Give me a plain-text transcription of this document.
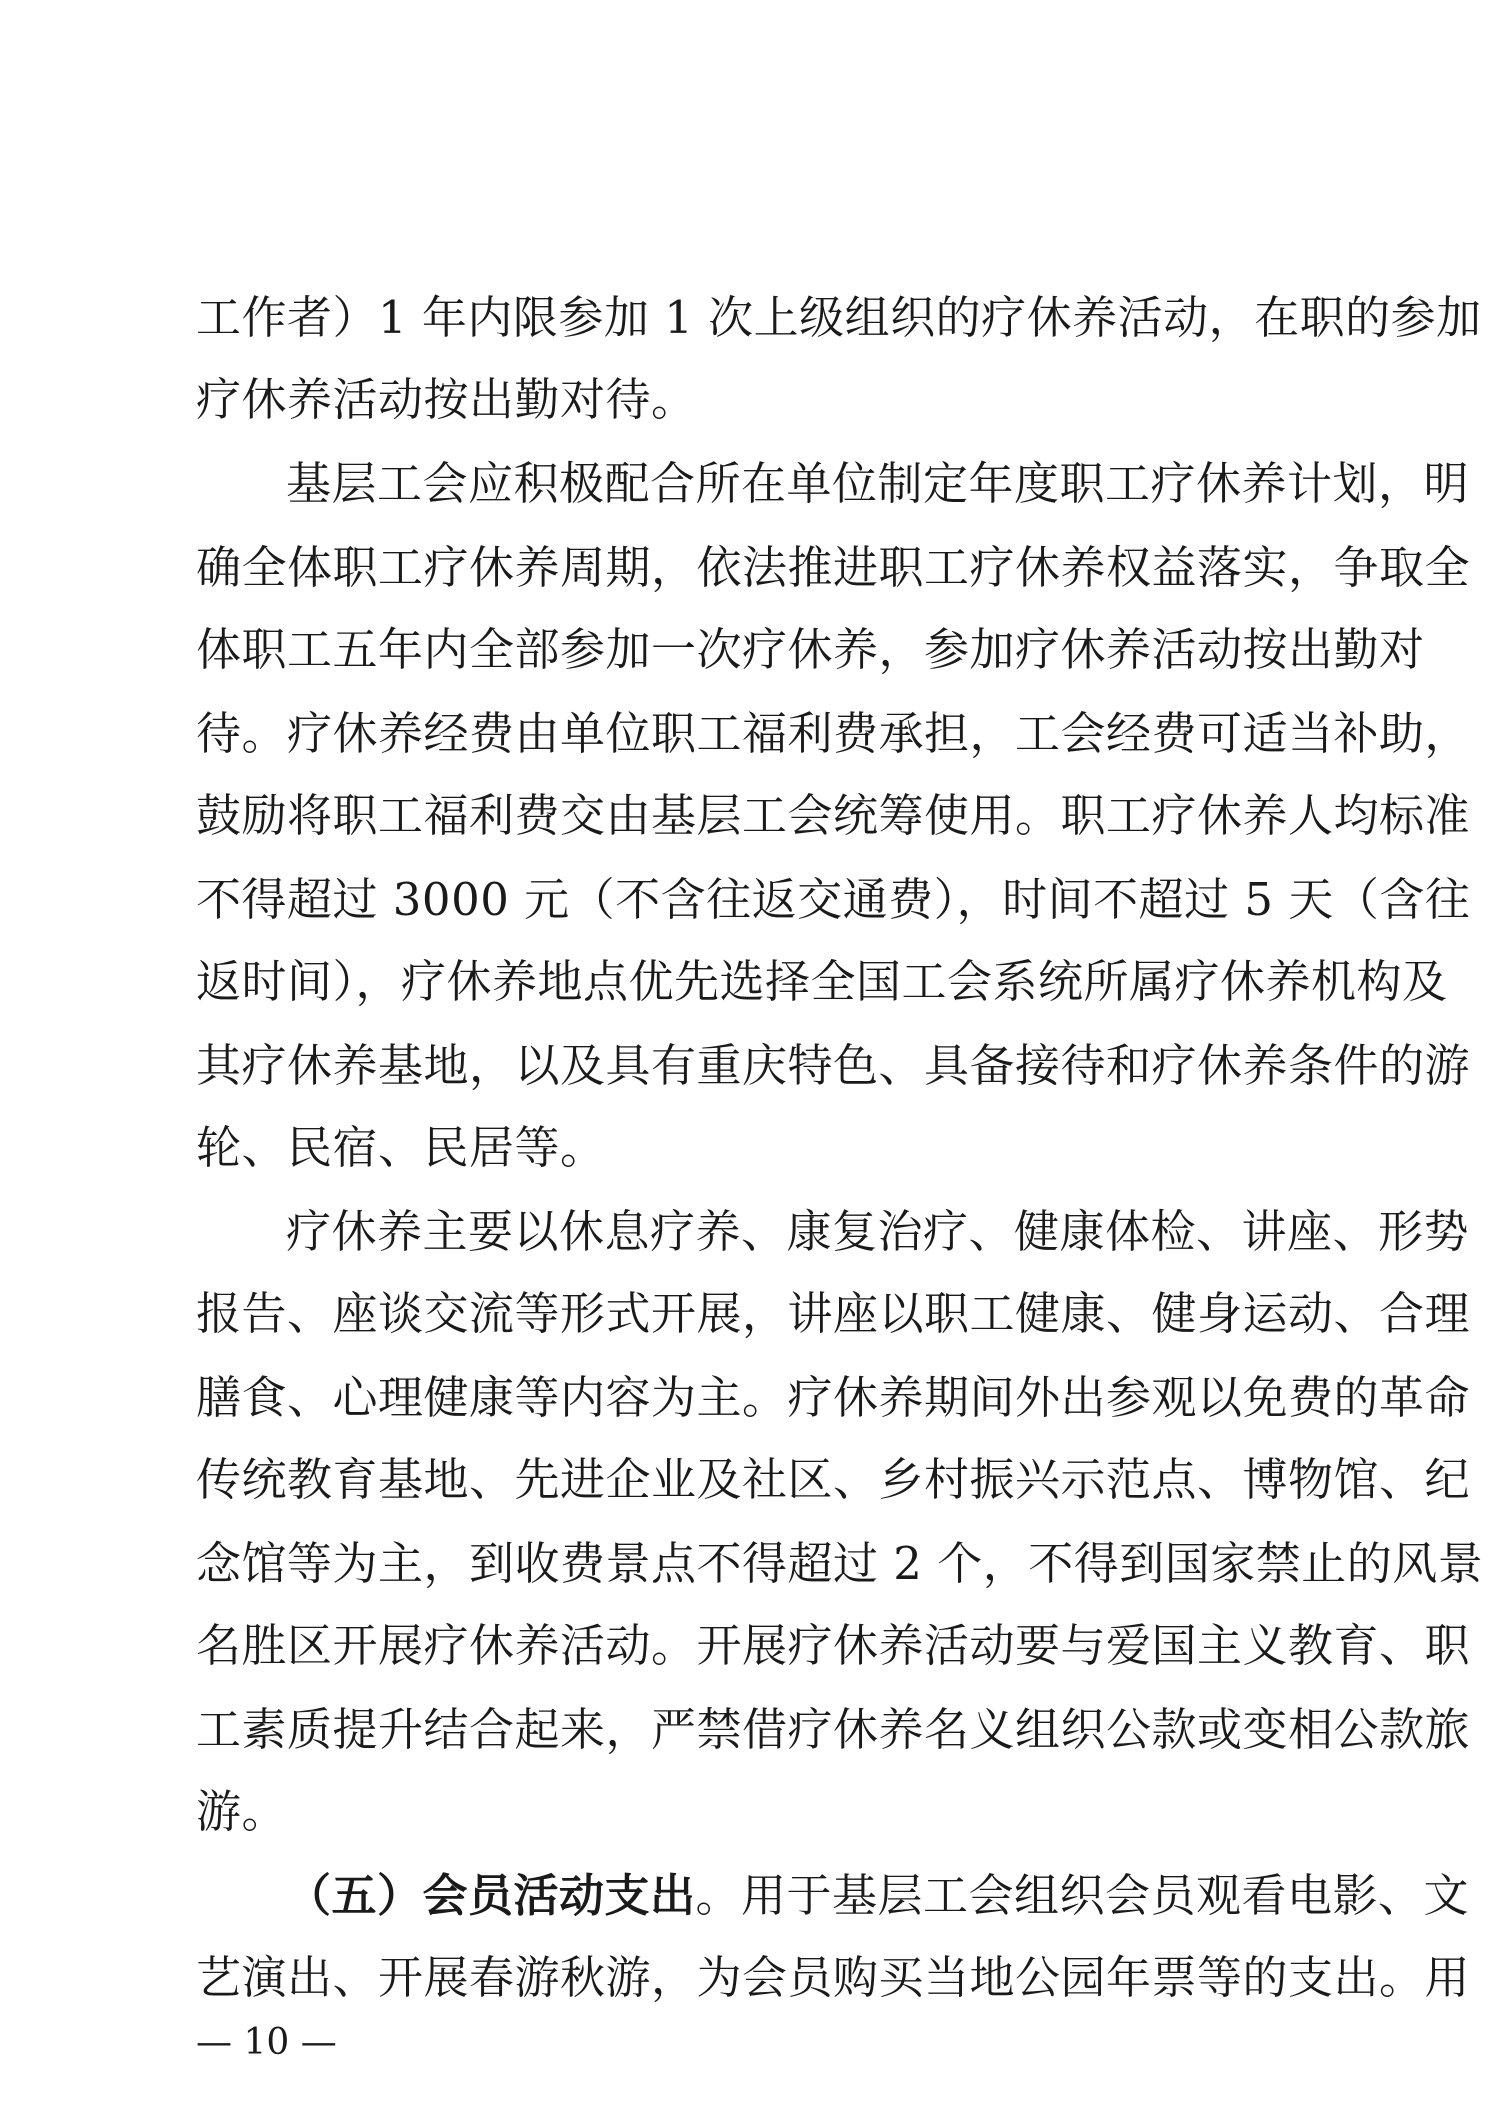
工作者）1 年内限参加 1 次上级组织的疗休养活动，在职的参加
疗休养活动按出勤对待。
基层工会应积极配合所在单位制定年度职工疗休养计划，明
确全体职工疗休养周期，依法推进职工疗休养权益落实，争取全
体职工五年内全部参加一次疗休养，参加疗休养活动按出勤对
待。疗休养经费由单位职工福利费承担，工会经费可适当补助，
鼓励将职工福利费交由基层工会统筹使用。职工疗休养人均标准
不得超过 3000 元（不含往返交通费），时间不超过 5 天（含往
返时间），疗休养地点优先选择全国工会系统所属疗休养机构及
其疗休养基地，以及具有重庆特色、具备接待和疗休养条件的游
轮、民宿、民居等。
疗休养主要以休息疗养、康复治疗、健康体检、讲座、形势
报告、座谈交流等形式开展，讲座以职工健康、健身运动、合理
膳食、心理健康等内容为主。疗休养期间外出参观以免费的革命
传统教育基地、先进企业及社区、乡村振兴示范点、博物馆、纪
念馆等为主，到收费景点不得超过 2 个，不得到国家禁止的风景
名胜区开展疗休养活动。开展疗休养活动要与爱国主义教育、职
工素质提升结合起来，严禁借疗休养名义组织公款或变相公款旅
游。
（五）会员活动支出。用于基层工会组织会员观看电影、文
艺演出、开展春游秋游，为会员购买当地公园年票等的支出。用
— 10 —
